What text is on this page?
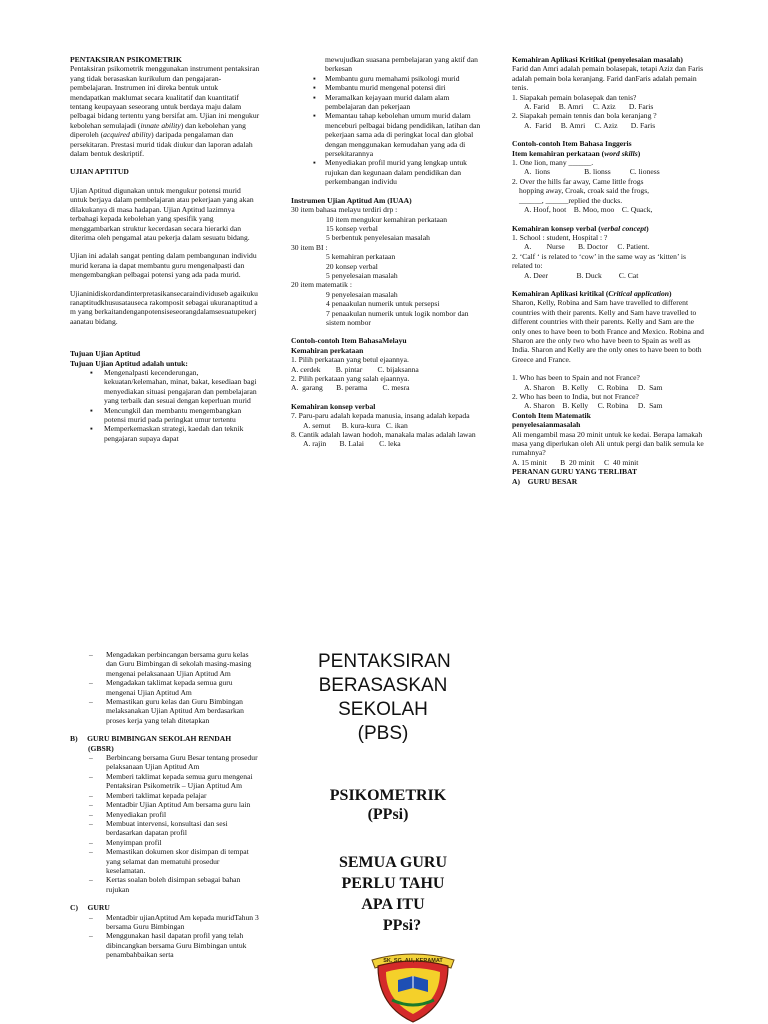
PENTAKSIRAN PSIKOMETRIK

Pentaksiran psikometrik menggunakan instrument pentaksiran yang tidak berasaskan kurikulum dan pengajaran-pembelajaran. Instrumen ini direka bentuk untuk mendapatkan maklumat secara kualitatif dan kuantitatif tentang keupayaan seseorang untuk berdaya maju dalam pelbagai bidang tertentu yang bersifat am. Ujian ini mengukur kebolehan semulajadi (innate ability) dan kebolehan yang diperoleh (acquired ability) daripada pengalaman dan persekitaran. Prestasi murid tidak diukur dan laporan adalah dalam bentuk deskriptif.

UJIAN APTITUD

Ujian Aptitud digunakan untuk mengukur potensi murid untuk berjaya dalam pembelajaran atau pekerjaan yang akan dilakukanya di masa hadapan. Ujian Aptitud lazimnya terbahagi kepada kebolehan yang spesifik yang menggambarkan struktur kecerdasan secara hierarki dan diterima oleh pengamal atau pekerja dalam sesuatu bidang.

Ujian ini adalah sangat penting dalam pembangunan individu murid kerana ia dapat membantu guru mengenalpasti dan mengembangkan pelbagai potensi yang ada pada murid.

Ujianinidiskordandinterpretasikansecaraindividuseb agaikukuranaptitudkhususatauseca rakomposit sebagai ukuranaptitud am yang berkaitandenganpotensiseseorangdalamsesuatupekerj aanatau bidang.

Tujuan Ujian Aptitud

Tujuan Ujian Aptitud adalah untuk:

▪ Mengenalpasti kecenderungan, kekuatan/kelemahan, minat, bakat, kesediaan bagi menyediakan situasi pengajaran dan pembelajaran yang terbaik dan sesuai dengan keperluan murid
▪ Mencungkil dan membantu mengembangkan potensi murid pada peringkat umur tertentu
▪ Memperkemaskan strategi, kaedah dan teknik pengajaran supaya dapat

mewujudkan suasana pembelajaran yang aktif dan berkesan

▪ Membantu guru memahami psikologi murid
▪ Membantu murid mengenal potensi diri
▪ Meramalkan kejayaan murid dalam alam pembelajaran dan pekerjaan
▪ Memantau tahap kebolehan umum murid dalam menceburi pelbagai bidang pendidikan, latihan dan pekerjaan sama ada di peringkat local dan global dengan menggunakan kemudahan yang ada di persekitarannya
▪ Menyediakan profil murid yang lengkap untuk rujukan dan kegunaan dalam pendidikan dan perkembangan individu

Instrumen Ujian Aptitud Am (IUAA)

30 item bahasa melayu terdiri drp :

10 item mengukur kemahiran perkataan

15 konsep verbal

5 berbentuk penyelesaian masalah

30 item BI :

5 kemahiran perkataan

20 konsep verbal

5 penyelesaian masalah

20 item matematik :

9 penyelesaian masalah

4 penaakulan numerik untuk persepsi

7 penaakulan numerik untuk logik nombor dan sistem nombor

Contoh-contoh Item BahasaMelayu

Kemahiran perkataan

1. Pilih perkataan yang betul ejaannya.

A. cerdek        B. pintar        C. bijaksanna

2. Pilih perkataan yang salah ejaannya.

A.  garang       B. perama        C. mesra

Kemahiran konsep verbal

7. Paru-paru adalah kepada manusia, insang adalah kepada

A. semut      B. kura-kura   C. ikan

8. Cantik adalah lawan hodoh, manakala malas adalah lawan

A. rajin       B. Lalai        C. leka

Kemahiran Aplikasi Kritikal (penyelesaian masalah)

Farid dan Amri adalah pemain bolasepak, tetapi Aziz dan Faris adalah pemain bola keranjang. Farid danFaris adalah pemain tenis.

1. Siapakah pemain bolasepak dan tenis?

A. Farid     B. Amri     C. Aziz       D. Faris

2. Siapakah pemain tennis dan bola keranjang ?

A.  Farid     B. Amri     C. Aziz       D. Faris

Contoh-contoh Item Bahasa Inggeris

Item kemahiran perkataan (word skills)

1. One lion, many ______.

A.  lions                  B. lionss          C. lioness

2. Over the hills far away, Came little frogs

hopping away, Croak, croak said the frogs,

______, ______replied the ducks.

A. Hoof, hoot    B. Moo, moo    C. Quack,

Kemahiran konsep verbal (verbal concept)

1. School : student, Hospital : ?

A.        Nurse       B. Doctor     C. Patient.

2. ‘Calf ‘ is related to ‘cow’ in the same way as ‘kitten’ is related to:

A. Deer               B. Duck         C. Cat

Kemahiran Aplikasi kritikal (Critical application)

Sharon, Kelly, Robina and Sam have travelled to different countries with their parents. Kelly and Sam have travelled to different countries with their parents. Kelly and Sam are the only ones to have been to both France and Mexico. Robina and Sharon are the only two who have been to Spain as well as India. Sharon and Kelly are the only ones to have been to both Greece and France.

1. Who has been to Spain and not France?

A. Sharon    B. Kelly     C. Robina     D.  Sam

2. Who has been to India, but not France?

A. Sharon    B. Kelly     C. Robina     D.  Sam

Contoh Item Matematik

penyelesaianmasalah

Ali mengambil masa 20 minit untuk ke kedai. Berapa lamakah masa yang diperlukan oleh Ali untuk pergi dan balik semula ke rumahnya?

A. 15 minit       B  20 minit     C  40 minit

PERANAN GURU YANG TERLIBAT

A)    GURU BESAR

– Mengadakan perbincangan bersama guru kelas dan Guru Bimbingan di sekolah masing-masing mengenai pelaksanaan Ujian Aptitud Am
– Mengadakan taklimat kepada semua guru mengenai Ujian Aptitud Am
– Memastikan guru kelas dan Guru Bimbingan melaksanakan Ujian Aptitud Am berdasarkan proses kerja yang telah ditetapkan

B)     GURU BIMBINGAN SEKOLAH RENDAH

(GBSR)

– Berbincang bersama Guru Besar tentang prosedur pelaksanaan Ujian Aptitud Am
– Memberi taklimat kepada semua guru mengenai Pentaksiran Psikometrik – Ujian Aptitud Am
– Memberi taklimat kepada pelajar
– Mentadbir Ujian Aptitud Am bersama guru lain
– Menyediakan profil
– Membuat intervensi, konsultasi dan sesi berdasarkan dapatan profil
– Menyimpan profil
– Memastikan dokumen skor disimpan di tempat yang selamat dan mematuhi prosedur keselamatan.
– Kertas soalan boleh disimpan sebagai bahan rujukan

C)     GURU

– Mentadbir ujianAptitud Am kepada muridTahun 3 bersama Guru Bimbingan
– Menggunakan hasil dapatan profil yang telah dibincangkan bersama Guru Bimbingan untuk penambahbaikan serta
PENTAKSIRAN
BERASASKAN
SEKOLAH
(PBS)
PSIKOMETRIK
(PPsi)
SEMUA GURU
PERLU TAHU
APA ITU
PPsi?
SK. SG. AU, KERAMAT
